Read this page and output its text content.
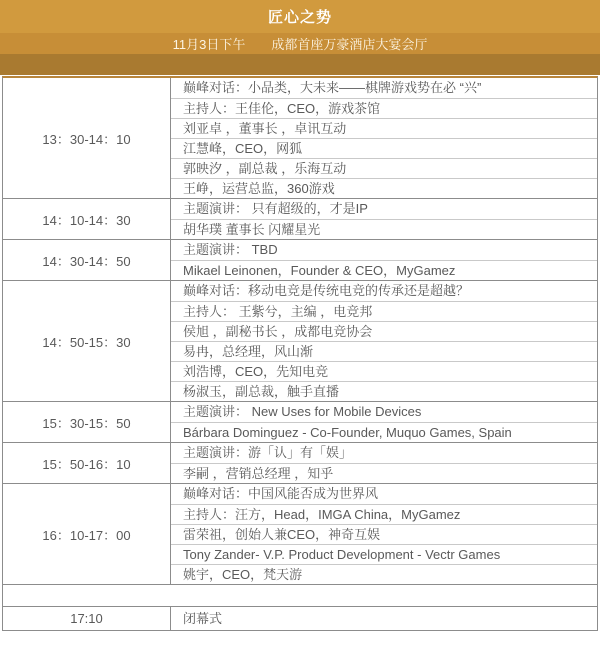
匠心之势
11月3日下午　　成都首座万豪酒店大宴会厅
13：30-14：10
巅峰对话：小品类，大未来——棋牌游戏势在必 “兴”
主持人：王佳伦，CEO，游戏茶馆
刘亚卓 ，董事长 ，卓讯互动
江慧峰，CEO，网狐
郭映汐 ，副总裁 ，乐海互动
王峥，运营总监，360游戏
14：10-14：30
主题演讲： 只有超级的，才是IP
胡华璞 董事长 闪耀星光
14：30-14：50
主题演讲： TBD
Mikael Leinonen，Founder & CEO，MyGamez
14：50-15：30
巅峰对话：移动电竞是传统电竞的传承还是超越？
主持人： 王紫兮，主编 ，电竞邦
侯旭 ，副秘书长 ，成都电竞协会
易冉，总经理，风山渐
刘浩博，CEO，先知电竞
杨淑玉，副总裁，触手直播
15：30-15：50
主题演讲： New Uses for Mobile Devices
Bárbara Dominguez - Co-Founder, Muquo Games, Spain
15：50-16：10
主题演讲：游「认」有「娱」
李嗣 ，营销总经理 ，知乎
16：10-17：00
巅峰对话：中国风能否成为世界风
主持人：汪方，Head，IMGA China，MyGamez
雷荣祖，创始人兼CEO，神奇互娱
Tony Zander- V.P. Product Development - Vectr Games
姚宇，CEO，梵天游
17:10	闭幕式
